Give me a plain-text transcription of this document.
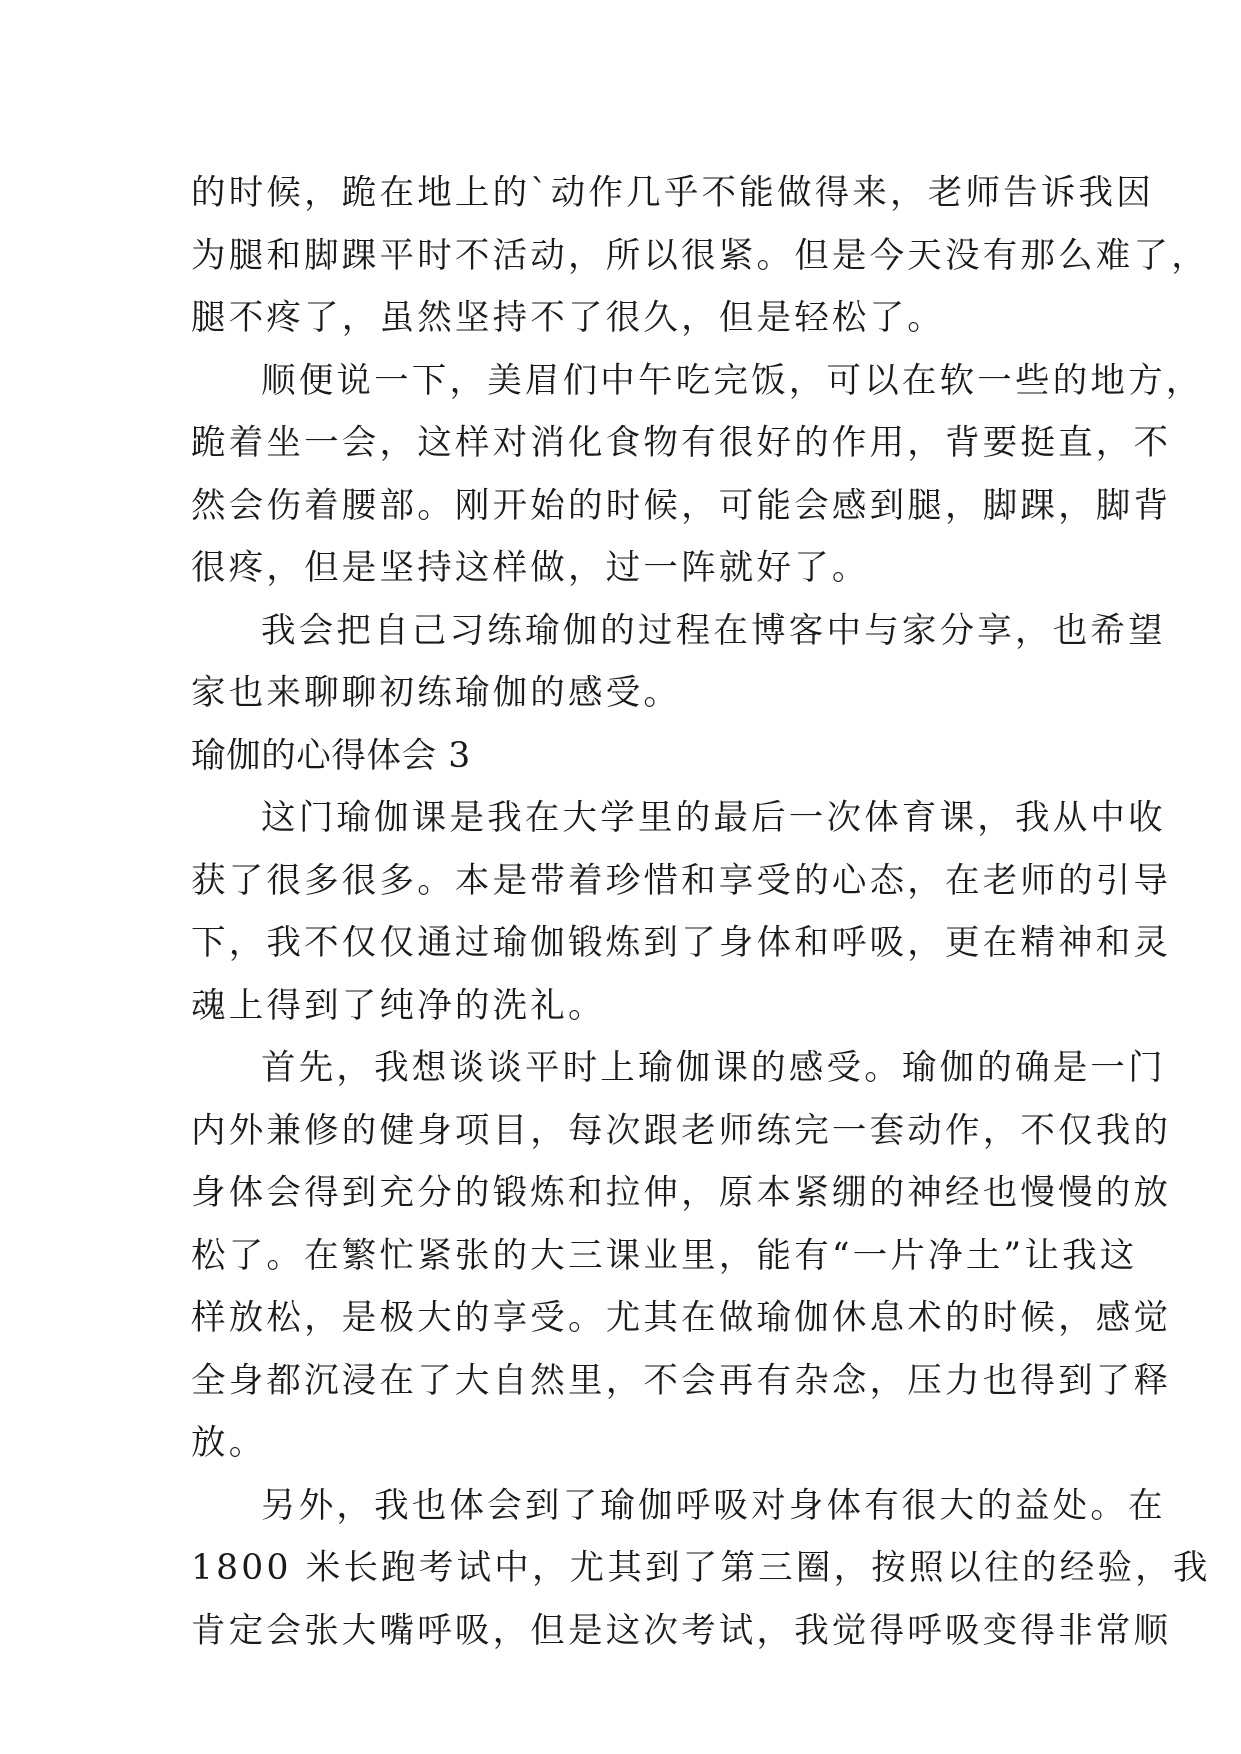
的时候，跪在地上的`动作几乎不能做得来，老师告诉我因
为腿和脚踝平时不活动，所以很紧。但是今天没有那么难了，
腿不疼了，虽然坚持不了很久，但是轻松了。
顺便说一下，美眉们中午吃完饭，可以在软一些的地方，
跪着坐一会，这样对消化食物有很好的作用，背要挺直，不
然会伤着腰部。刚开始的时候，可能会感到腿，脚踝，脚背
很疼，但是坚持这样做，过一阵就好了。
我会把自己习练瑜伽的过程在博客中与家分享，也希望
家也来聊聊初练瑜伽的感受。
瑜伽的心得体会 3
这门瑜伽课是我在大学里的最后一次体育课，我从中收
获了很多很多。本是带着珍惜和享受的心态，在老师的引导
下，我不仅仅通过瑜伽锻炼到了身体和呼吸，更在精神和灵
魂上得到了纯净的洗礼。
首先，我想谈谈平时上瑜伽课的感受。瑜伽的确是一门
内外兼修的健身项目，每次跟老师练完一套动作，不仅我的
身体会得到充分的锻炼和拉伸，原本紧绷的神经也慢慢的放
松了。在繁忙紧张的大三课业里，能有“一片净土”让我这
样放松，是极大的享受。尤其在做瑜伽休息术的时候，感觉
全身都沉浸在了大自然里，不会再有杂念，压力也得到了释
放。
另外，我也体会到了瑜伽呼吸对身体有很大的益处。在
1800 米长跑考试中，尤其到了第三圈，按照以往的经验，我
肯定会张大嘴呼吸，但是这次考试，我觉得呼吸变得非常顺
